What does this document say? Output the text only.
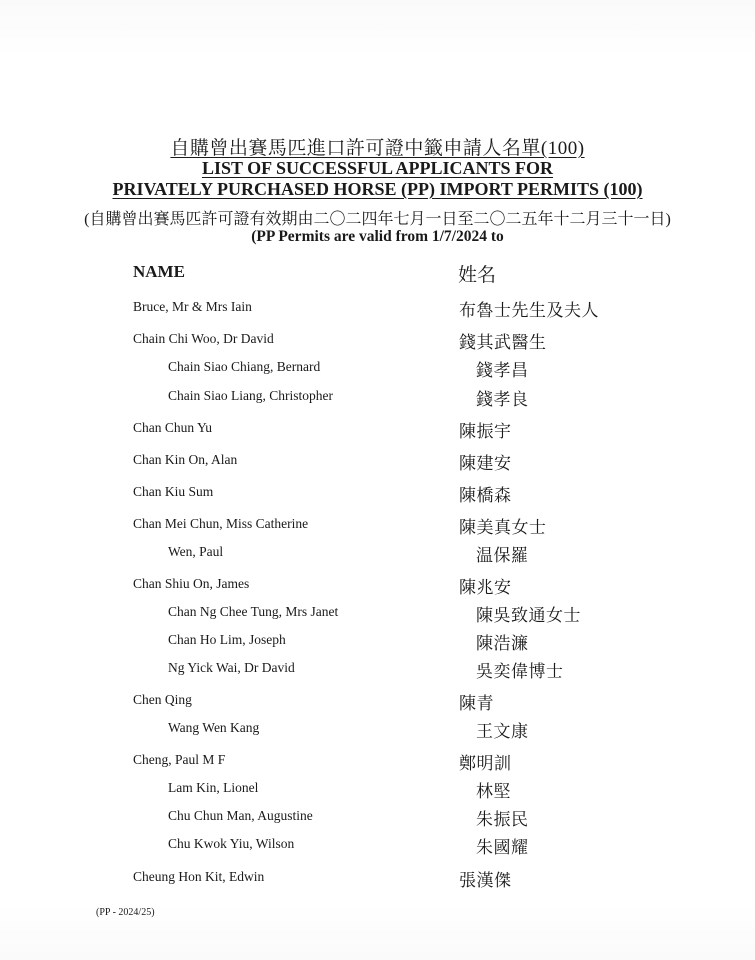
自購曾出賽馬匹進口許可證中籤申請人名單(100)
LIST OF SUCCESSFUL APPLICANTS FOR
PRIVATELY PURCHASED HORSE (PP) IMPORT PERMITS (100)
(自購曾出賽馬匹許可證有效期由二〇二四年七月一日至二〇二五年十二月三十一日)
(PP Permits are valid from 1/7/2024 to
NAME	姓名
Bruce, Mr & Mrs Iain	布魯士先生及夫人
Chain Chi Woo, Dr David	錢其武醫生
Chain Siao Chiang, Bernard	錢孝昌
Chain Siao Liang, Christopher	錢孝良
Chan Chun Yu	陳振宇
Chan Kin On, Alan	陳建安
Chan Kiu Sum	陳橋森
Chan Mei Chun, Miss Catherine	陳美真女士
Wen, Paul	温保羅
Chan Shiu On, James	陳兆安
Chan Ng Chee Tung, Mrs Janet	陳吳致通女士
Chan Ho Lim, Joseph	陳浩濂
Ng Yick Wai, Dr David	吳奕偉博士
Chen Qing	陳青
Wang Wen Kang	王文康
Cheng, Paul M F	鄭明訓
Lam Kin, Lionel	林堅
Chu Chun Man, Augustine	朱振民
Chu Kwok Yiu, Wilson	朱國耀
Cheung Hon Kit, Edwin	張漢傑
(PP - 2024/25)
